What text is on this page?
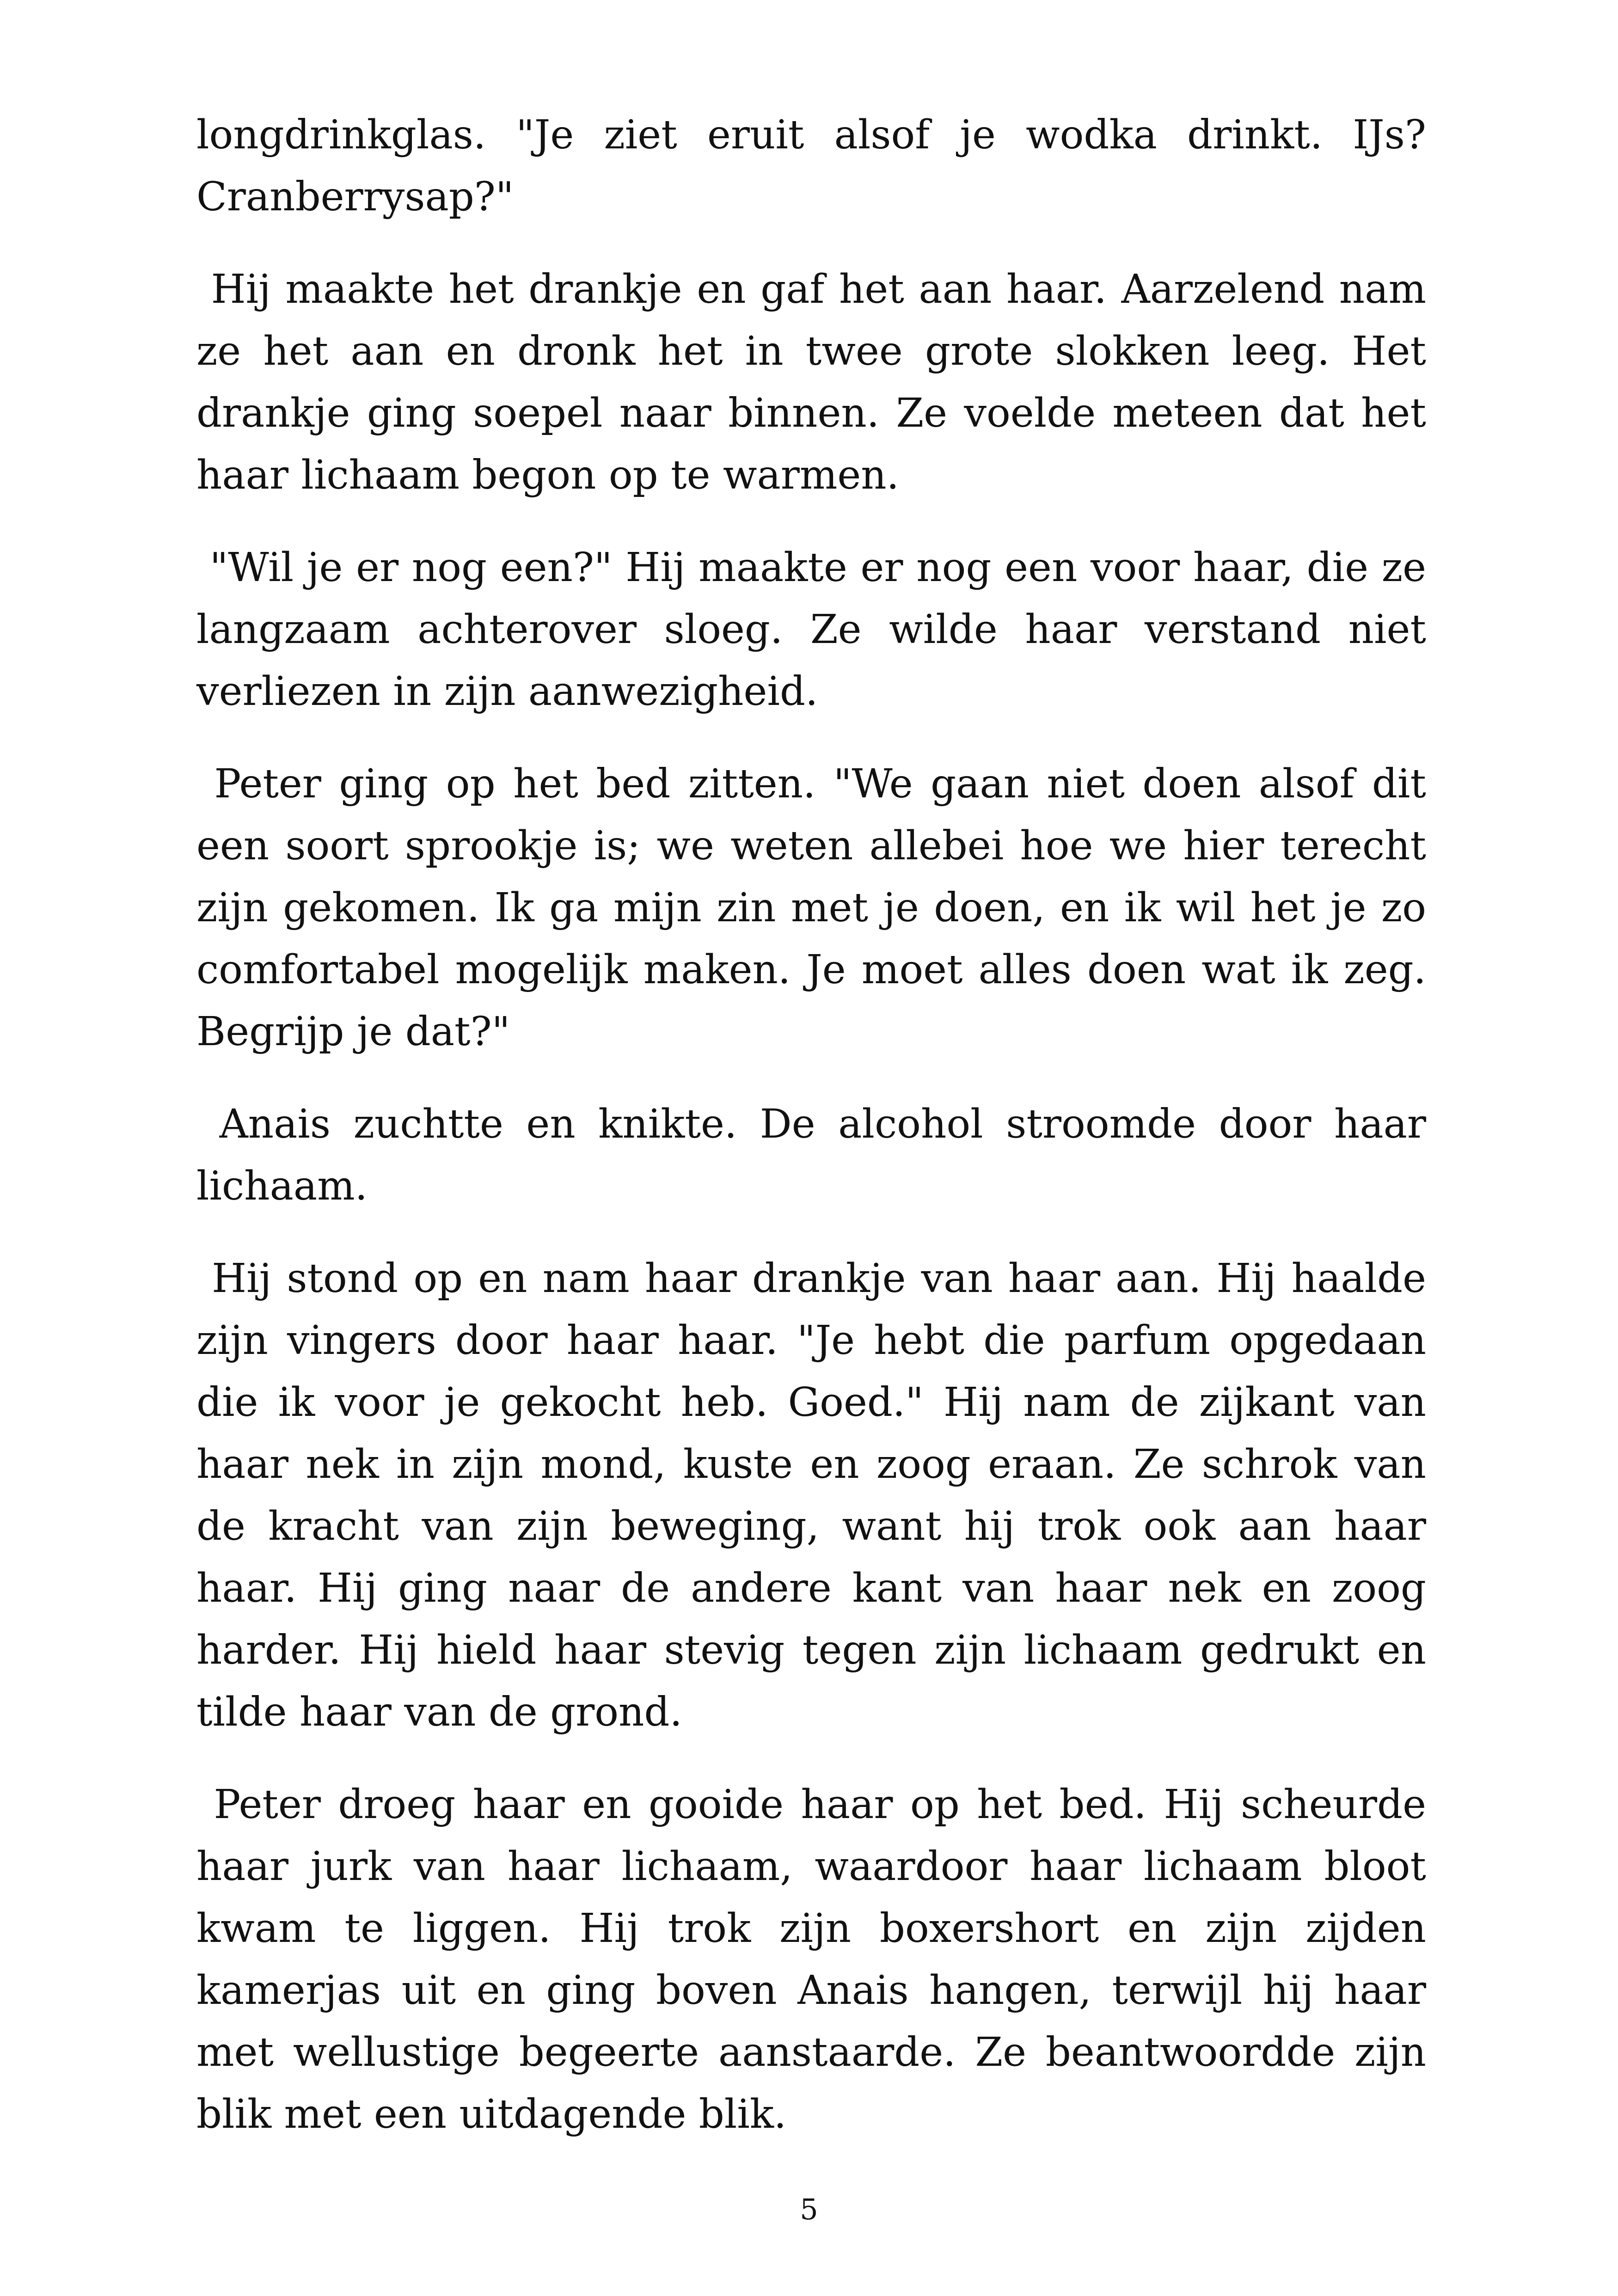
longdrinkglas. "Je ziet eruit alsof je wodka drinkt. IJs? Cranberrysap?"

Hij maakte het drankje en gaf het aan haar. Aarzelend nam ze het aan en dronk het in twee grote slokken leeg. Het drankje ging soepel naar binnen. Ze voelde meteen dat het haar lichaam begon op te warmen.

"Wil je er nog een?" Hij maakte er nog een voor haar, die ze langzaam achterover sloeg. Ze wilde haar verstand niet verliezen in zijn aanwezigheid.

Peter ging op het bed zitten. "We gaan niet doen alsof dit een soort sprookje is; we weten allebei hoe we hier terecht zijn gekomen. Ik ga mijn zin met je doen, en ik wil het je zo comfortabel mogelijk maken. Je moet alles doen wat ik zeg. Begrijp je dat?"

Anais zuchtte en knikte. De alcohol stroomde door haar lichaam.

Hij stond op en nam haar drankje van haar aan. Hij haalde zijn vingers door haar haar. "Je hebt die parfum opgedaan die ik voor je gekocht heb. Goed." Hij nam de zijkant van haar nek in zijn mond, kuste en zoog eraan. Ze schrok van de kracht van zijn beweging, want hij trok ook aan haar haar. Hij ging naar de andere kant van haar nek en zoog harder. Hij hield haar stevig tegen zijn lichaam gedrukt en tilde haar van de grond.

Peter droeg haar en gooide haar op het bed. Hij scheurde haar jurk van haar lichaam, waardoor haar lichaam bloot kwam te liggen. Hij trok zijn boxershort en zijn zijden kamerjas uit en ging boven Anais hangen, terwijl hij haar met wellustige begeerte aanstaarde. Ze beantwoordde zijn blik met een uitdagende blik.

5
